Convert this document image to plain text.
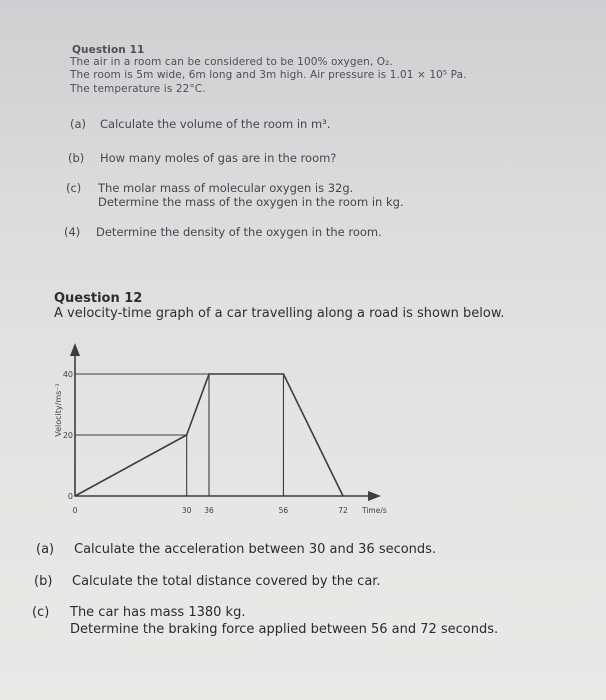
Question 11
The air in a room can be considered to be 100% oxygen, O₂.
The room is 5m wide, 6m long and 3m high. Air pressure is 1.01 × 10⁵ Pa.
The temperature is 22°C.
(a) Calculate the volume of the room in m³.
(b) How many moles of gas are in the room?
(c) The molar mass of molecular oxygen is 32g.
Determine the mass of the oxygen in the room in kg.
(4) Determine the density of the oxygen in the room.
Question 12
A velocity-time graph of a car travelling along a road is shown below.
Velocity/ms⁻¹
Time/s
0
20
40
0	30 36	56	72
(a) Calculate the acceleration between 30 and 36 seconds.
(b) Calculate the total distance covered by the car.
(c) The car has mass 1380 kg.
Determine the braking force applied between 56 and 72 seconds.
